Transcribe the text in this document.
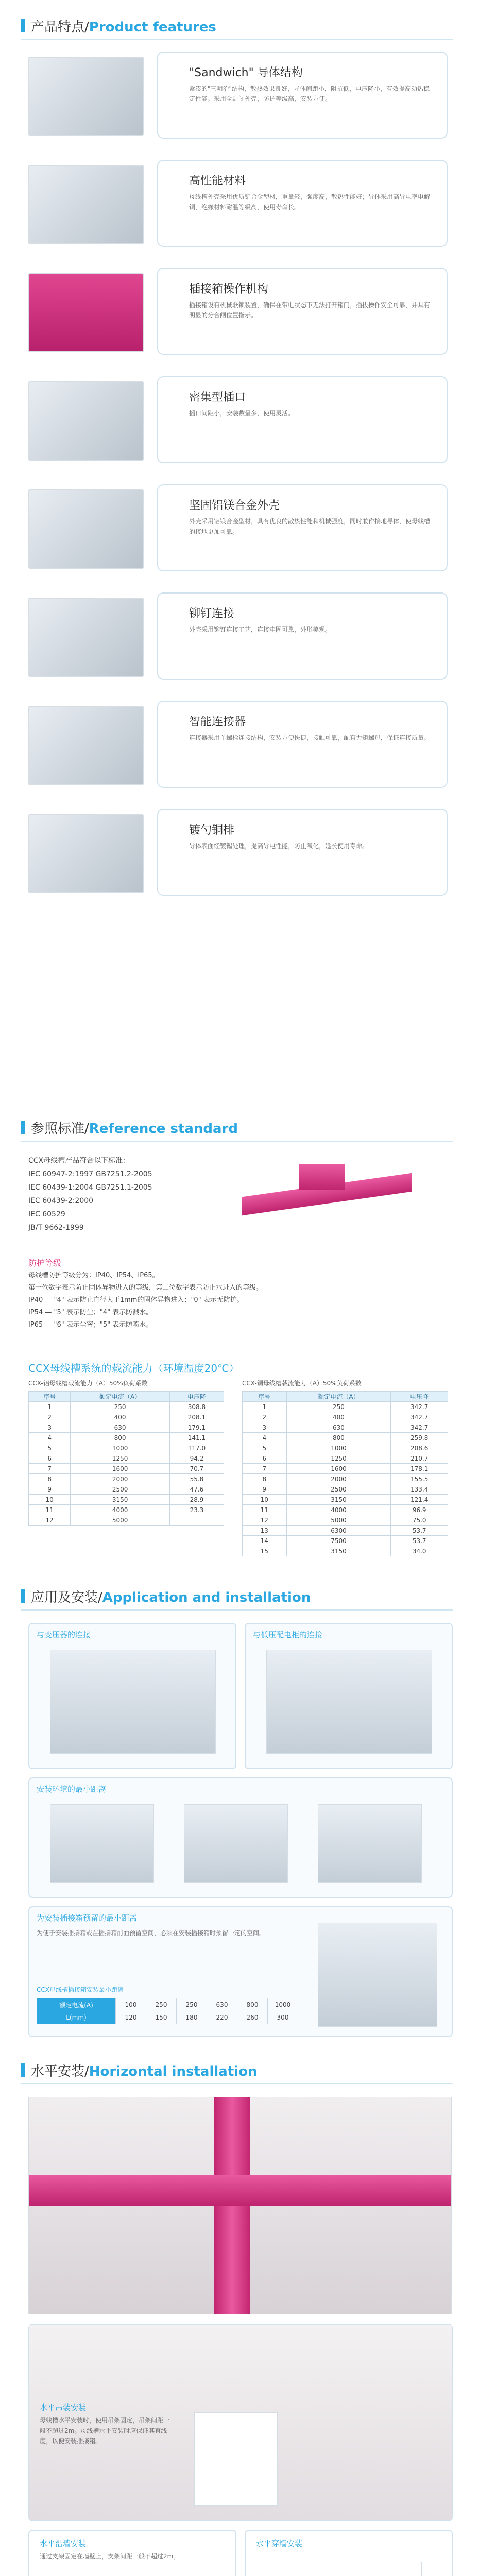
产品特点/Product features
"Sandwich" 导体结构
紧凑的"三明治"结构，散热效果良好，导体间距小，阻抗低，电压降小，有效提高动热稳定性能。采用全封闭外壳，防护等级高，安装方便。
高性能材料
母线槽外壳采用优质铝合金型材，重量轻，强度高，散热性能好；导体采用高导电率电解铜，绝缘材料耐温等级高，使用寿命长。
插接箱操作机构
插接箱设有机械联锁装置，确保在带电状态下无法打开箱门，插拔操作安全可靠，并具有明显的分合闸位置指示。
密集型插口
插口间距小，安装数量多，使用灵活。
坚固铝镁合金外壳
外壳采用铝镁合金型材，具有优良的散热性能和机械强度，同时兼作接地导体，使母线槽的接地更加可靠。
铆钉连接
外壳采用铆钉连接工艺，连接牢固可靠，外形美观。
智能连接器
连接器采用单螺栓连接结构，安装方便快捷，接触可靠，配有力矩螺母，保证连接质量。
镀勺铜排
导体表面经镀锡处理，提高导电性能，防止氧化，延长使用寿命。
参照标准/Reference standard
CCX母线槽产品符合以下标准：
IEC 60947-2:1997 GB7251.2-2005
IEC 60439-1:2004 GB7251.1-2005
IEC 60439-2:2000
IEC 60529
JB/T 9662-1999
防护等级
母线槽防护等级分为：IP40、IP54、IP65。
第一位数字表示防止固体异物进入的等级，第二位数字表示防止水进入的等级。
IP40 — "4" 表示防止直径大于1mm的固体异物进入；"0" 表示无防护。
IP54 — "5" 表示防尘；"4" 表示防溅水。
IP65 — "6" 表示尘密；"5" 表示防喷水。
CCX母线槽系统的载流能力（环境温度20℃）
CCX-铝母线槽载流能力（A）50%负荷系数	CCX-铜母线槽载流能力（A）50%负荷系数
序号	额定电流（A）	电压降
1	250	308.8
2	400	208.1
3	630	179.1
4	800	141.1
5	1000	117.0
6	1250	94.2
7	1600	70.7
8	2000	55.8
9	2500	47.6
10	3150	28.9
11	4000	23.3
12	5000	
序号	额定电流（A）	电压降
1	250	342.7
2	400	342.7
3	630	342.7
4	800	259.8
5	1000	208.6
6	1250	210.7
7	1600	178.1
8	2000	155.5
9	2500	133.4
10	3150	121.4
11	4000	96.9
12	5000	75.0
13	6300	53.7
14	7500	53.7
15	3150	34.0
应用及安装/Application and installation
与变压器的连接	与低压配电柜的连接
安装环境的最小距离
为安装插接箱预留的最小距离
为便于安装插接箱或在插接箱前面预留空间，必须在安装插接箱时预留一定的空间。
CCX母线槽插接箱安装最小距离
额定电流(A)	100	250	250	630	800	1000
L(mm)	120	150	180	220	260	300
水平安装/Horizontal installation
水平吊装安装
母线槽水平安装时，使用吊架固定，吊架间距一般不超过2m。母线槽水平安装时应保证其直线度，以便安装插接箱。
水平沿墙安装
通过支架固定在墙壁上，支架间距一般不超过2m。
水平穿墙安装
